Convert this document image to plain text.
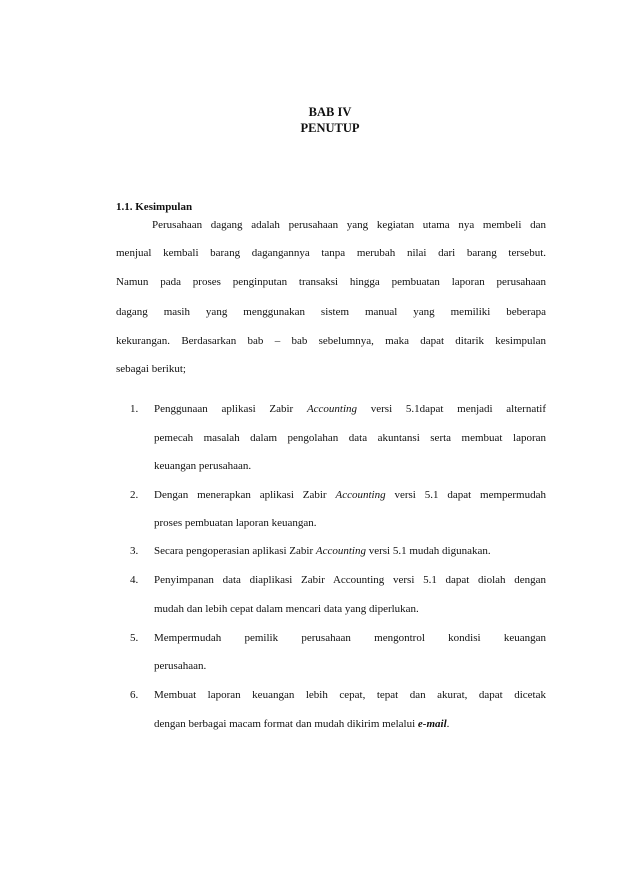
BAB IV
PENUTUP
1.1. Kesimpulan
Perusahaan dagang adalah perusahaan yang kegiatan utama nya membeli dan
menjual kembali barang dagangannya tanpa merubah nilai dari barang tersebut.
Namun pada proses penginputan transaksi hingga pembuatan laporan perusahaan
dagang masih yang menggunakan sistem manual yang memiliki beberapa
kekurangan. Berdasarkan bab – bab sebelumnya, maka dapat ditarik kesimpulan
sebagai berikut;
1.	Penggunaan aplikasi Zabir Accounting versi 5.1dapat menjadi alternatif
pemecah masalah dalam pengolahan data akuntansi serta membuat laporan
keuangan perusahaan.
2.	Dengan menerapkan aplikasi Zabir Accounting versi 5.1 dapat mempermudah
proses pembuatan laporan keuangan.
3.	Secara pengoperasian aplikasi Zabir Accounting versi 5.1 mudah digunakan.
4.	Penyimpanan data diaplikasi Zabir Accounting versi 5.1 dapat diolah dengan
mudah dan lebih cepat dalam mencari data yang diperlukan.
5.	Mempermudah pemilik perusahaan mengontrol kondisi keuangan
perusahaan.
6.	Membuat laporan keuangan lebih cepat, tepat dan akurat, dapat dicetak
dengan berbagai macam format dan mudah dikirim melalui e-mail.
